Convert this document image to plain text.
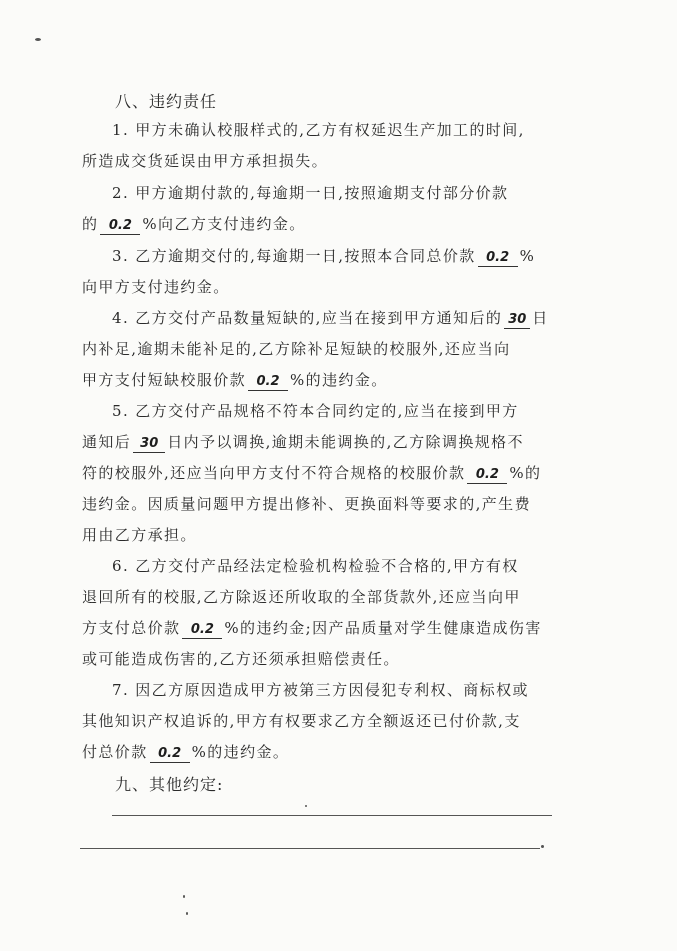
八、违约责任
1. 甲方未确认校服样式的,乙方有权延迟生产加工的时间,
所造成交货延误由甲方承担损失。
2. 甲方逾期付款的,每逾期一日,按照逾期支付部分价款
的 0.2 %向乙方支付违约金。
3. 乙方逾期交付的,每逾期一日,按照本合同总价款 0.2 %
向甲方支付违约金。
4. 乙方交付产品数量短缺的,应当在接到甲方通知后的 30 日
内补足,逾期未能补足的,乙方除补足短缺的校服外,还应当向
甲方支付短缺校服价款 0.2 %的违约金。
5. 乙方交付产品规格不符本合同约定的,应当在接到甲方
通知后 30 日内予以调换,逾期未能调换的,乙方除调换规格不
符的校服外,还应当向甲方支付不符合规格的校服价款 0.2 %的
违约金。因质量问题甲方提出修补、更换面料等要求的,产生费
用由乙方承担。
6. 乙方交付产品经法定检验机构检验不合格的,甲方有权
退回所有的校服,乙方除返还所收取的全部货款外,还应当向甲
方支付总价款 0.2 %的违约金;因产品质量对学生健康造成伤害
或可能造成伤害的,乙方还须承担赔偿责任。
7. 因乙方原因造成甲方被第三方因侵犯专利权、商标权或
其他知识产权追诉的,甲方有权要求乙方全额返还已付价款,支
付总价款 0.2 %的违约金。
九、其他约定:
